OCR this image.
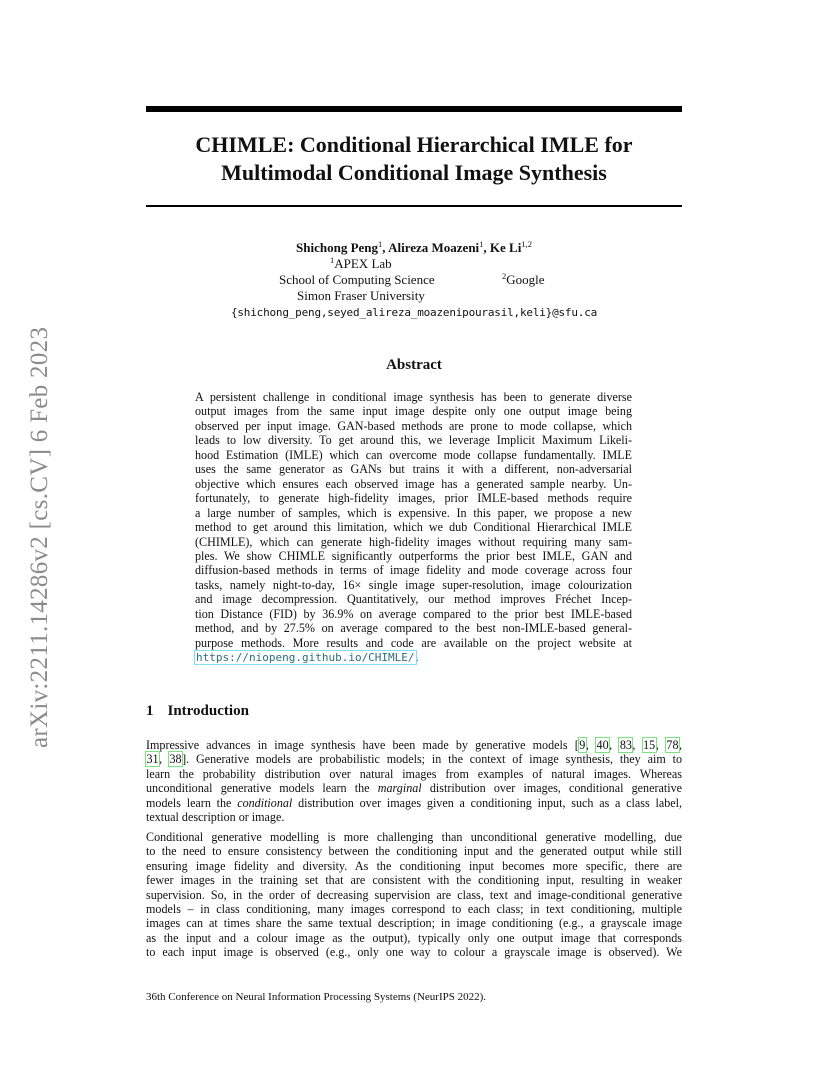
arXiv:2211.14286v2 [cs.CV] 6 Feb 2023
CHIMLE: Conditional Hierarchical IMLE for
Multimodal Conditional Image Synthesis
Shichong Peng$^1$, Alireza Moazeni$^1$, Ke Li$^{1,2}$
$^1$APEX Lab
School of Computing Science	$^2$Google
Simon Fraser University
{shichong_peng,seyed_alireza_moazenipourasil,keli}@sfu.ca
Abstract
A persistent challenge in conditional image synthesis has been to generate diverse
output images from the same input image despite only one output image being
observed per input image. GAN-based methods are prone to mode collapse, which
leads to low diversity. To get around this, we leverage Implicit Maximum Likeli-
hood Estimation (IMLE) which can overcome mode collapse fundamentally. IMLE
uses the same generator as GANs but trains it with a different, non-adversarial
objective which ensures each observed image has a generated sample nearby. Un-
fortunately, to generate high-fidelity images, prior IMLE-based methods require
a large number of samples, which is expensive. In this paper, we propose a new
method to get around this limitation, which we dub Conditional Hierarchical IMLE
(CHIMLE), which can generate high-fidelity images without requiring many sam-
ples. We show CHIMLE significantly outperforms the prior best IMLE, GAN and
diffusion-based methods in terms of image fidelity and mode coverage across four
tasks, namely night-to-day, 16× single image super-resolution, image colourization
and image decompression. Quantitatively, our method improves Fréchet Incep-
tion Distance (FID) by 36.9% on average compared to the prior best IMLE-based
method, and by 27.5% on average compared to the best non-IMLE-based general-
purpose methods. More results and code are available on the project website at
https://niopeng.github.io/CHIMLE/.
1 Introduction
Impressive advances in image synthesis have been made by generative models [9, 40, 83, 15, 78,
31, 38]. Generative models are probabilistic models; in the context of image synthesis, they aim to
learn the probability distribution over natural images from examples of natural images. Whereas
unconditional generative models learn the marginal distribution over images, conditional generative
models learn the conditional distribution over images given a conditioning input, such as a class label,
textual description or image.
Conditional generative modelling is more challenging than unconditional generative modelling, due
to the need to ensure consistency between the conditioning input and the generated output while still
ensuring image fidelity and diversity. As the conditioning input becomes more specific, there are
fewer images in the training set that are consistent with the conditioning input, resulting in weaker
supervision. So, in the order of decreasing supervision are class, text and image-conditional generative
models – in class conditioning, many images correspond to each class; in text conditioning, multiple
images can at times share the same textual description; in image conditioning (e.g., a grayscale image
as the input and a colour image as the output), typically only one output image that corresponds
to each input image is observed (e.g., only one way to colour a grayscale image is observed). We
36th Conference on Neural Information Processing Systems (NeurIPS 2022).
